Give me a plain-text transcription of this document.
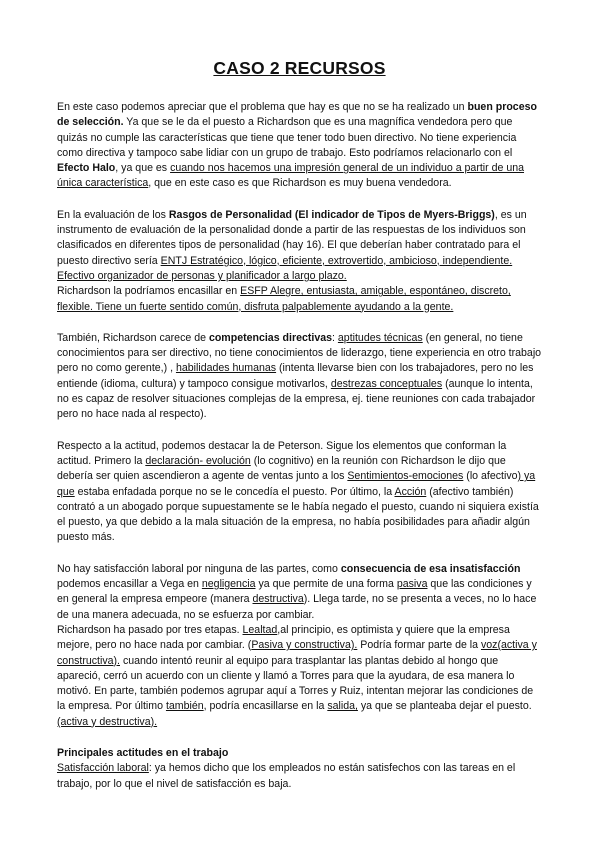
CASO 2 RECURSOS

En este caso podemos apreciar que el problema que hay es que no se ha realizado un buen proceso de selección. Ya que se le da el puesto a Richardson que es una magnífica vendedora pero que quizás no cumple las características que tiene que tener todo buen directivo. No tiene experiencia como directiva y tampoco sabe lidiar con un grupo de trabajo. Esto podríamos relacionarlo con el Efecto Halo, ya que es cuando nos hacemos una impresión general de un individuo a partir de una única característica, que en este caso es que Richardson es muy buena vendedora.

En la evaluación de los Rasgos de Personalidad (El indicador de Tipos de Myers-Briggs), es un instrumento de evaluación de la personalidad donde a partir de las respuestas de los individuos son clasificados en diferentes tipos de personalidad (hay 16). El que deberían haber contratado para el puesto directivo sería ENTJ Estratégico, lógico, eficiente, extrovertido, ambicioso, independiente. Efectivo organizador de personas y planificador a largo plazo.

Richardson la podríamos encasillar en ESFP Alegre, entusiasta, amigable, espontáneo, discreto, flexible. Tiene un fuerte sentido común, disfruta palpablemente ayudando a la gente.

También, Richardson carece de competencias directivas: aptitudes técnicas (en general, no tiene conocimientos para ser directivo, no tiene conocimientos de liderazgo, tiene experiencia en otro trabajo pero no como gerente,) , habilidades humanas (intenta llevarse bien con los trabajadores, pero no les entiende (idioma, cultura) y tampoco consigue motivarlos, destrezas conceptuales (aunque lo intenta, no es capaz de resolver situaciones complejas de la empresa, ej. tiene reuniones con cada trabajador pero no hace nada al respecto).

Respecto a la actitud, podemos destacar la de Peterson. Sigue los elementos que conforman la actitud. Primero la declaración- evolución (lo cognitivo) en la reunión con Richardson le dijo que debería ser quien ascendieron a agente de ventas junto a los Sentimientos-emociones (lo afectivo) ya que estaba enfadada porque no se le concedía el puesto. Por último, la Acción (afectivo también) contrató a un abogado porque supuestamente se le había negado el puesto, cuando ni siquiera existía el puesto, ya que debido a la mala situación de la empresa, no había posibilidades para añadir algún puesto más.

No hay satisfacción laboral por ninguna de las partes, como consecuencia de esa insatisfacción podemos encasillar a Vega en negligencia ya que permite de una forma pasiva que las condiciones y en general la empresa empeore (manera destructiva). Llega tarde, no se presenta a veces, no lo hace de una manera adecuada, no se esfuerza por cambiar.

Richardson ha pasado por tres etapas. Lealtad,al principio, es optimista y quiere que la empresa mejore, pero no hace nada por cambiar. (Pasiva y constructiva). Podría formar parte de la voz(activa y constructiva). cuando intentó reunir al equipo para trasplantar las plantas debido al hongo que apareció, cerró un acuerdo con un cliente y llamó a Torres para que la ayudara, de esa manera lo motivó. En parte, también podemos agrupar aquí a Torres y Ruiz, intentan mejorar las condiciones de la empresa. Por último también, podría encasillarse en la salida, ya que se planteaba dejar el puesto. (activa y destructiva).

Principales actitudes en el trabajo

Satisfacción laboral: ya hemos dicho que los empleados no están satisfechos con las tareas en el trabajo, por lo que el nivel de satisfacción es baja.
